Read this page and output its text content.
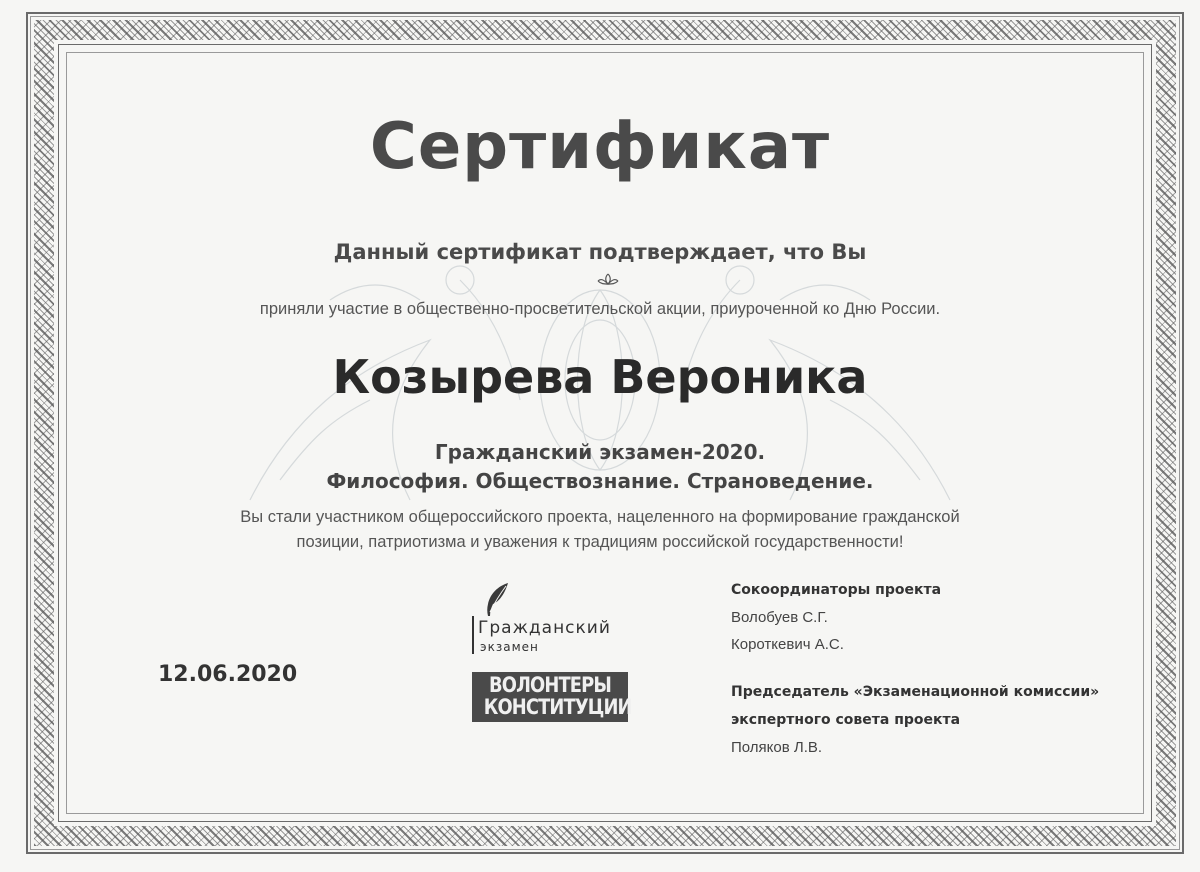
Сертификат
Данный сертификат подтверждает, что Вы
приняли участие в общественно-просветительской акции, приуроченной ко Дню России.
Козырева Вероника
Гражданский экзамен-2020.
Философия. Обществознание. Страноведение.
Вы стали участником общероссийского проекта, нацеленного на формирование гражданской
позиции, патриотизма и уважения к традициям российской государственности!
12.06.2020
Гражданский
экзамен
ВОЛОНТЕРЫ
КОНСТИТУЦИИ
Сокоординаторы проекта
Волобуев С.Г.
Короткевич А.С.
Председатель «Экзаменационной комиссии»
экспертного совета проекта
Поляков Л.В.
